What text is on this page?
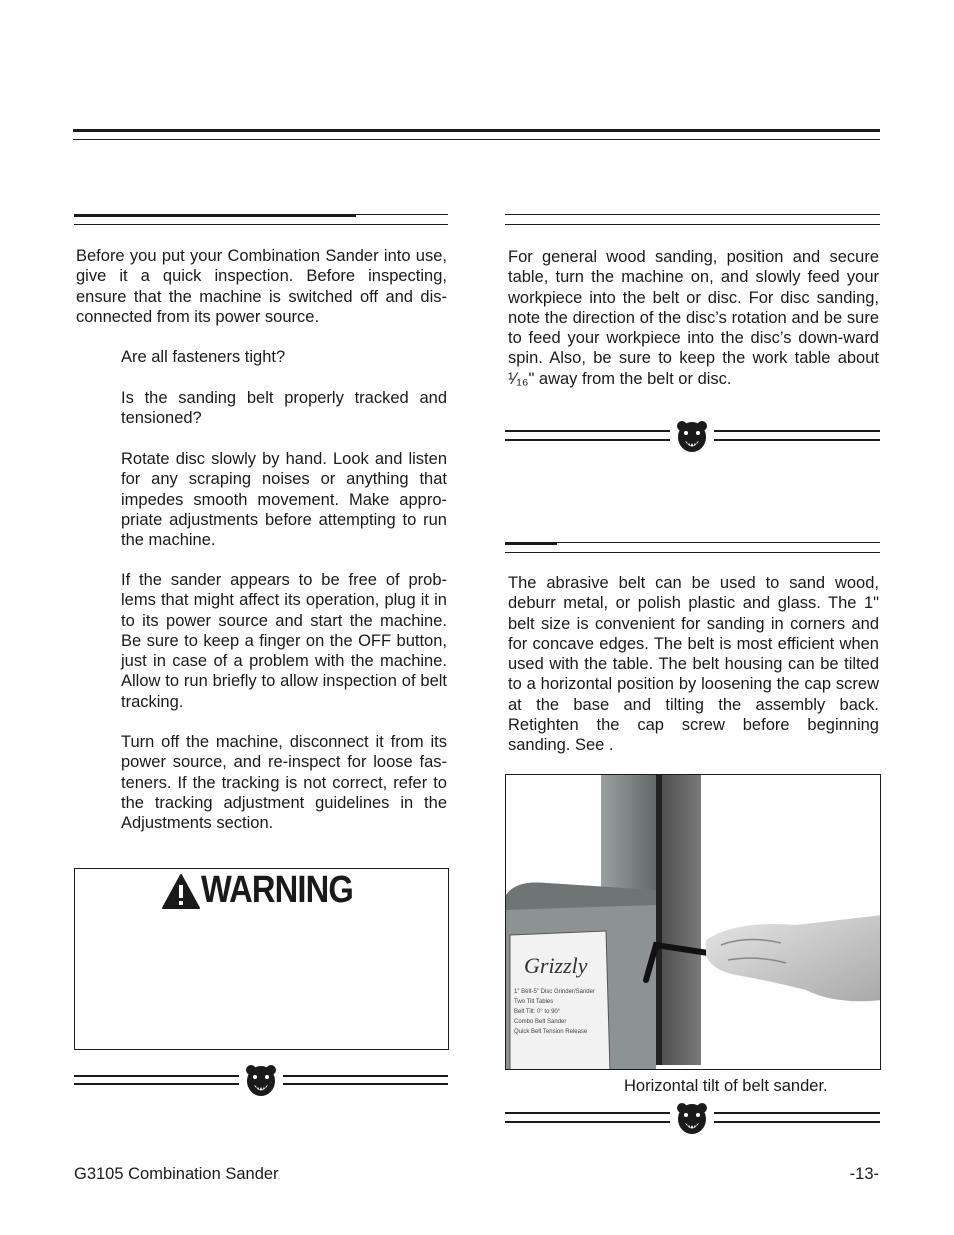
Before you put your Combination Sander into use, give it a quick inspection. Before inspecting, ensure that the machine is switched off and dis-connected from its power source.

Are all fasteners tight?

Is the sanding belt properly tracked and tensioned?

Rotate disc slowly by hand. Look and listen for any scraping noises or anything that impedes smooth movement. Make appro-priate adjustments before attempting to run the machine.

If the sander appears to be free of prob-lems that might affect its operation, plug it in to its power source and start the machine. Be sure to keep a finger on the OFF button, just in case of a problem with the machine. Allow to run briefly to allow inspection of belt tracking.

Turn off the machine, disconnect it from its power source, and re-inspect for loose fas-teners. If the tracking is not correct, refer to the tracking adjustment guidelines in the Adjustments section.

WARNING

For general wood sanding, position and secure table, turn the machine on, and slowly feed your workpiece into the belt or disc. For disc sanding, note the direction of the disc’s rotation and be sure to feed your workpiece into the disc’s down-ward spin. Also, be sure to keep the work table about ¹⁄₁₆" away from the belt or disc.

The abrasive belt can be used to sand wood, deburr metal, or polish plastic and glass. The 1" belt size is convenient for sanding in corners and for concave edges. The belt is most efficient when used with the table. The belt housing can be tilted to a horizontal position by loosening the cap screw at the base and tilting the assembly back. Retighten the cap screw before beginning sanding. See .

Grizzly
1" Belt-5" Disc Grinder/Sander
Two Tilt Tables
Belt Tilt: 0° to 90°
Combo Belt Sander
Quick Belt Tension Release
Horizontal tilt of belt sander.
G3105 Combination Sander	-13-
